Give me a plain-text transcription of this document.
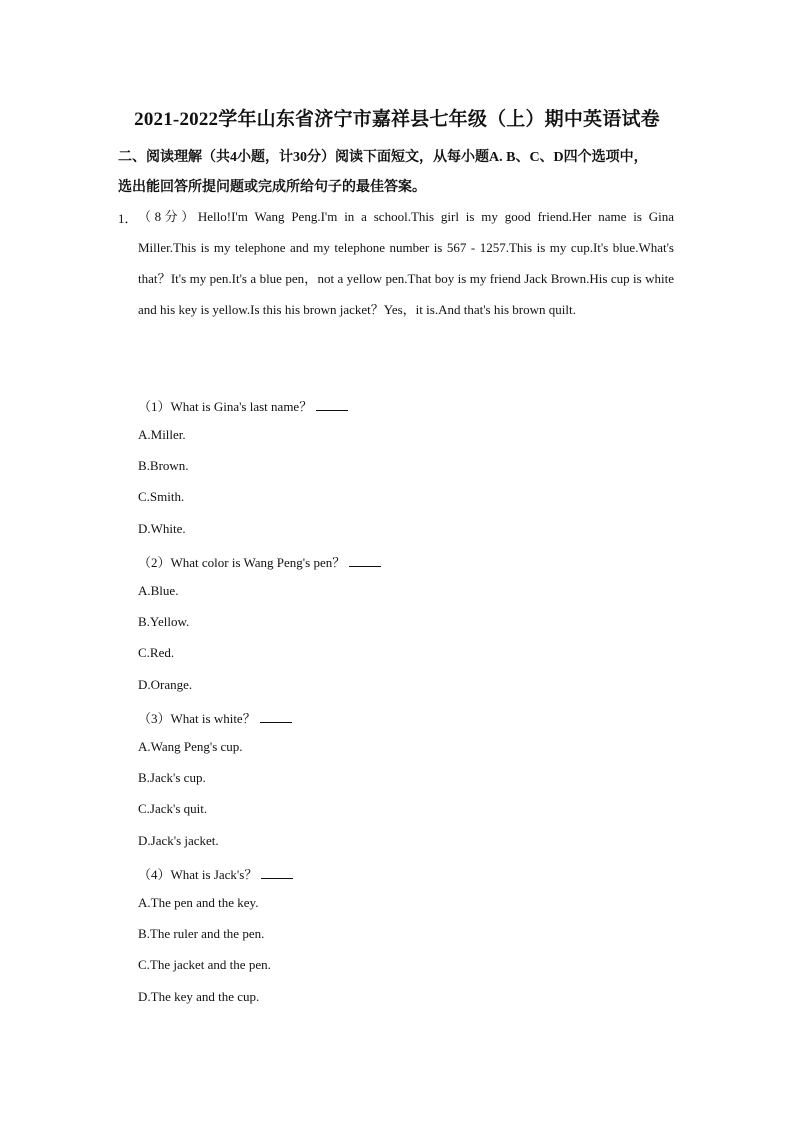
2021-2022学年山东省济宁市嘉祥县七年级（上）期中英语试卷
二、阅读理解（共4小题，计30分）阅读下面短文，从每小题A. B、C、D四个选项中，
选出能回答所提问题或完成所给句子的最佳答案。
1． （8分）Hello!I'm Wang Peng.I'm in a school.This girl is my good friend.Her name is Gina Miller.This is my telephone and my telephone number is 567 - 1257.This is my cup.It's blue.What's that？It's my pen.It's a blue pen，not a yellow pen.That boy is my friend Jack Brown.His cup is white and his key is yellow.Is this his brown jacket？Yes，it is.And that's his brown quilt.
（1）What is Gina's last name？
A.Miller.
B.Brown.
C.Smith.
D.White.
（2）What color is Wang Peng's pen？
A.Blue.
B.Yellow.
C.Red.
D.Orange.
（3）What is white？
A.Wang Peng's cup.
B.Jack's cup.
C.Jack's quit.
D.Jack's jacket.
（4）What is Jack's？
A.The pen and the key.
B.The ruler and the pen.
C.The jacket and the pen.
D.The key and the cup.
